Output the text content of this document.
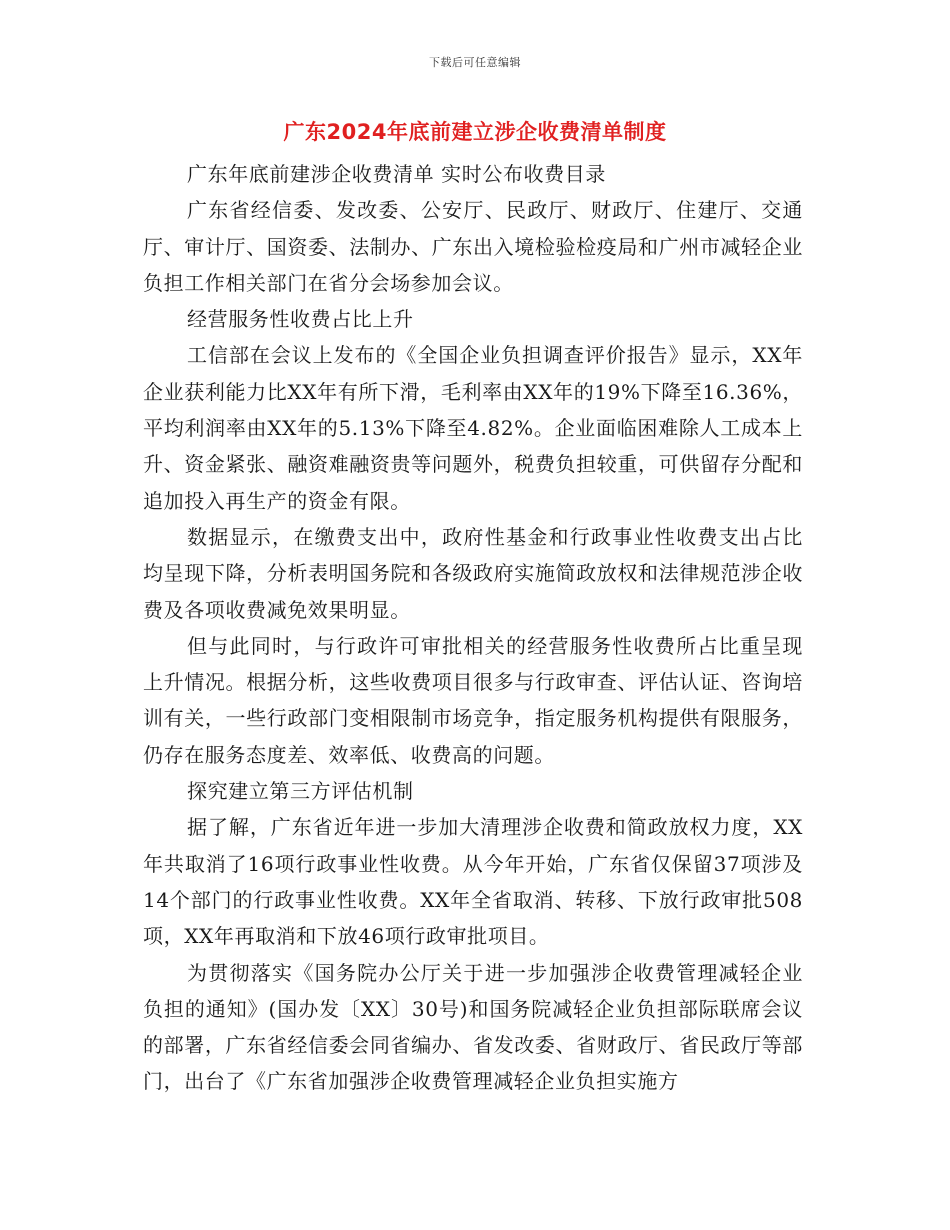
下载后可任意编辑
广东2024年底前建立涉企收费清单制度

广东年底前建涉企收费清单 实时公布收费目录

广东省经信委、发改委、公安厅、民政厅、财政厅、住建厅、交通厅、审计厅、国资委、法制办、广东出入境检验检疫局和广州市减轻企业负担工作相关部门在省分会场参加会议。

经营服务性收费占比上升

工信部在会议上发布的《全国企业负担调查评价报告》显示，XX年企业获利能力比XX年有所下滑，毛利率由XX年的19%下降至16.36%，平均利润率由XX年的5.13%下降至4.82%。企业面临困难除人工成本上升、资金紧张、融资难融资贵等问题外，税费负担较重，可供留存分配和追加投入再生产的资金有限。

数据显示，在缴费支出中，政府性基金和行政事业性收费支出占比均呈现下降，分析表明国务院和各级政府实施简政放权和法律规范涉企收费及各项收费减免效果明显。

但与此同时，与行政许可审批相关的经营服务性收费所占比重呈现上升情况。根据分析，这些收费项目很多与行政审查、评估认证、咨询培训有关，一些行政部门变相限制市场竞争，指定服务机构提供有限服务，仍存在服务态度差、效率低、收费高的问题。

探究建立第三方评估机制

据了解，广东省近年进一步加大清理涉企收费和简政放权力度，XX年共取消了16项行政事业性收费。从今年开始，广东省仅保留37项涉及14个部门的行政事业性收费。XX年全省取消、转移、下放行政审批508项，XX年再取消和下放46项行政审批项目。

为贯彻落实《国务院办公厅关于进一步加强涉企收费管理减轻企业负担的通知》(国办发〔XX〕30号)和国务院减轻企业负担部际联席会议的部署，广东省经信委会同省编办、省发改委、省财政厅、省民政厅等部门，出台了《广东省加强涉企收费管理减轻企业负担实施方
